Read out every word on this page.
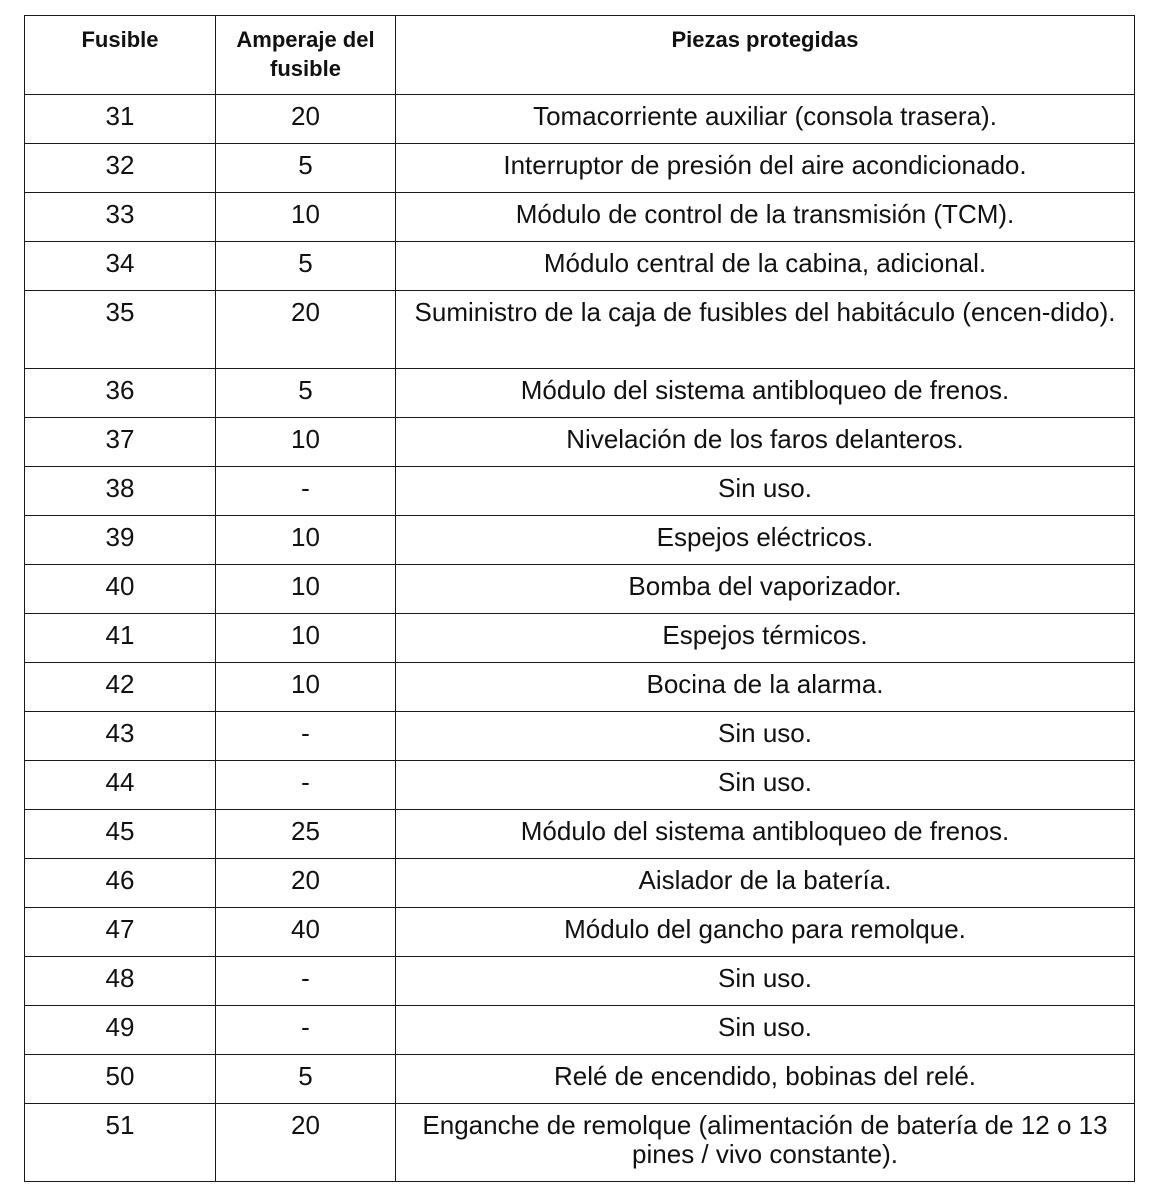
Fusible	Amperaje del fusible	Piezas protegidas
31	20	Tomacorriente auxiliar (consola trasera).
32	5	Interruptor de presión del aire acondicionado.
33	10	Módulo de control de la transmisión (TCM).
34	5	Módulo central de la cabina, adicional.
35	20	Suministro de la caja de fusibles del habitáculo (encen-dido).
36	5	Módulo del sistema antibloqueo de frenos.
37	10	Nivelación de los faros delanteros.
38	-	Sin uso.
39	10	Espejos eléctricos.
40	10	Bomba del vaporizador.
41	10	Espejos térmicos.
42	10	Bocina de la alarma.
43	-	Sin uso.
44	-	Sin uso.
45	25	Módulo del sistema antibloqueo de frenos.
46	20	Aislador de la batería.
47	40	Módulo del gancho para remolque.
48	-	Sin uso.
49	-	Sin uso.
50	5	Relé de encendido, bobinas del relé.
51	20	Enganche de remolque (alimentación de batería de 12 o 13 pines / vivo constante).
